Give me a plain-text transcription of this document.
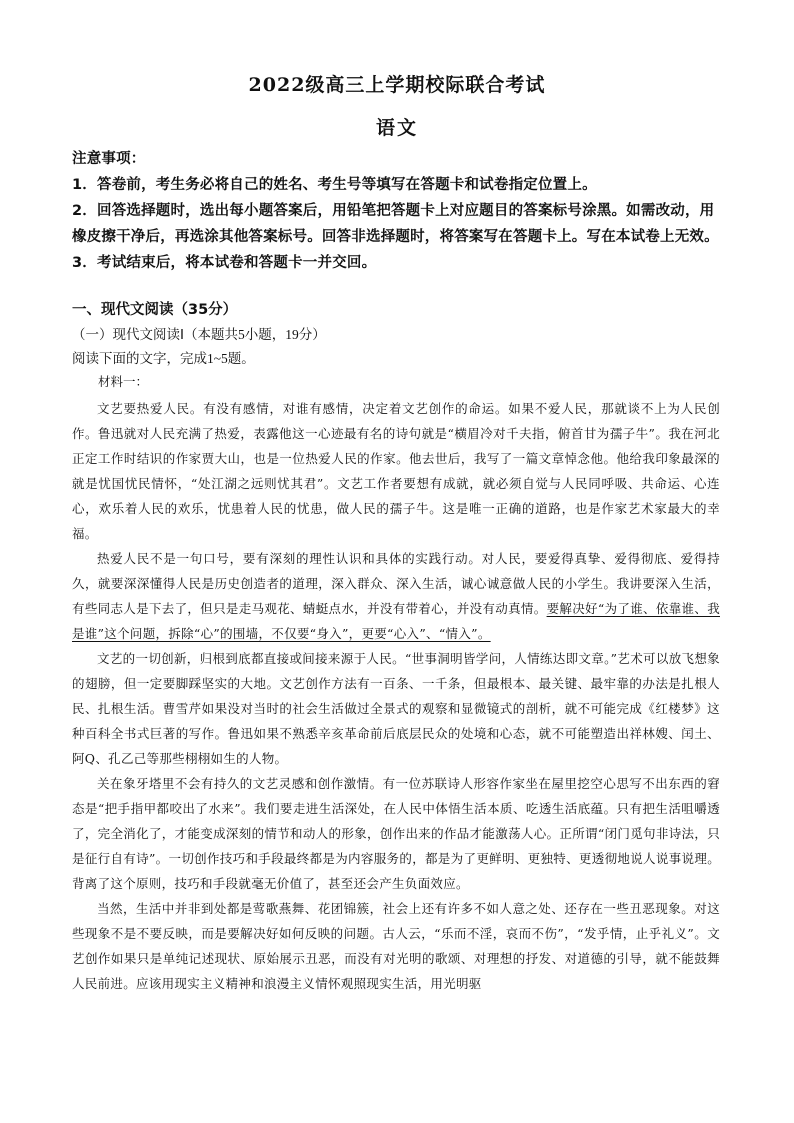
2022级高三上学期校际联合考试
语文
注意事项：
1．答卷前，考生务必将自己的姓名、考生号等填写在答题卡和试卷指定位置上。
2．回答选择题时，选出每小题答案后，用铅笔把答题卡上对应题目的答案标号涂黑。如需改动，用橡皮擦干净后，再选涂其他答案标号。回答非选择题时，将答案写在答题卡上。写在本试卷上无效。
3．考试结束后，将本试卷和答题卡一并交回。
一、现代文阅读（35分）
（一）现代文阅读Ⅰ（本题共5小题，19分）
阅读下面的文字，完成1~5题。
材料一：

文艺要热爱人民。有没有感情，对谁有感情，决定着文艺创作的命运。如果不爱人民，那就谈不上为人民创作。鲁迅就对人民充满了热爱，表露他这一心迹最有名的诗句就是“横眉冷对千夫指，俯首甘为孺子牛”。我在河北正定工作时结识的作家贾大山，也是一位热爱人民的作家。他去世后，我写了一篇文章悼念他。他给我印象最深的就是忧国忧民情怀，“处江湖之远则忧其君”。文艺工作者要想有成就，就必须自觉与人民同呼吸、共命运、心连心，欢乐着人民的欢乐，忧患着人民的忧患，做人民的孺子牛。这是唯一正确的道路，也是作家艺术家最大的幸福。

热爱人民不是一句口号，要有深刻的理性认识和具体的实践行动。对人民，要爱得真挚、爱得彻底、爱得持久，就要深深懂得人民是历史创造者的道理，深入群众、深入生活，诚心诚意做人民的小学生。我讲要深入生活，有些同志人是下去了，但只是走马观花、蜻蜓点水，并没有带着心，并没有动真情。要解决好“为了谁、依靠谁、我是谁”这个问题，拆除“心”的围墙，不仅要“身入”，更要“心入”、“情入”。

文艺的一切创新，归根到底都直接或间接来源于人民。“世事洞明皆学问，人情练达即文章。”艺术可以放飞想象的翅膀，但一定要脚踩坚实的大地。文艺创作方法有一百条、一千条，但最根本、最关键、最牢靠的办法是扎根人民、扎根生活。曹雪芹如果没对当时的社会生活做过全景式的观察和显微镜式的剖析，就不可能完成《红楼梦》这种百科全书式巨著的写作。鲁迅如果不熟悉辛亥革命前后底层民众的处境和心态，就不可能塑造出祥林嫂、闰土、阿Q、孔乙己等那些栩栩如生的人物。

关在象牙塔里不会有持久的文艺灵感和创作激情。有一位苏联诗人形容作家坐在屋里挖空心思写不出东西的窘态是“把手指甲都咬出了水来”。我们要走进生活深处，在人民中体悟生活本质、吃透生活底蕴。只有把生活咀嚼透了，完全消化了，才能变成深刻的情节和动人的形象，创作出来的作品才能激荡人心。正所谓“闭门觅句非诗法，只是征行自有诗”。一切创作技巧和手段最终都是为内容服务的，都是为了更鲜明、更独特、更透彻地说人说事说理。背离了这个原则，技巧和手段就毫无价值了，甚至还会产生负面效应。

当然，生活中并非到处都是莺歌燕舞、花团锦簇，社会上还有许多不如人意之处、还存在一些丑恶现象。对这些现象不是不要反映，而是要解决好如何反映的问题。古人云，“乐而不淫，哀而不伤”，“发乎情，止乎礼义”。文艺创作如果只是单纯记述现状、原始展示丑恶，而没有对光明的歌颂、对理想的抒发、对道德的引导，就不能鼓舞人民前进。应该用现实主义精神和浪漫主义情怀观照现实生活，用光明驱
